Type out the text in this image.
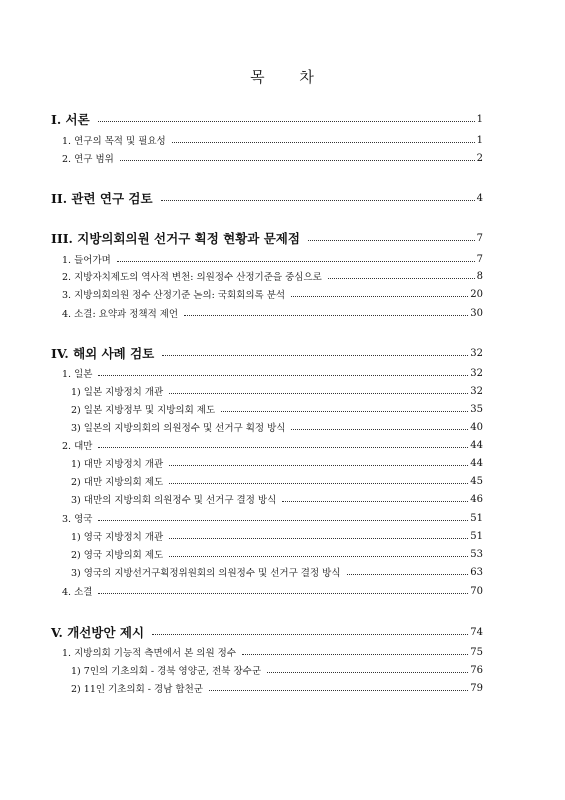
목 차
I. 서론	1
1. 연구의 목적 및 필요성	1
2. 연구 범위	2
II. 관련 연구 검토	4
III. 지방의회의원 선거구 획정 현황과 문제점	7
1. 들어가며	7
2. 지방자치제도의 역사적 변천: 의원정수 산정기준을 중심으로	8
3. 지방의회의원 정수 산정기준 논의: 국회회의록 분석	20
4. 소결: 요약과 정책적 제언	30
IV. 해외 사례 검토	32
1. 일본	32
1) 일본 지방정치 개관	32
2) 일본 지방정부 및 지방의회 제도	35
3) 일본의 지방의회의 의원정수 및 선거구 획정 방식	40
2. 대만	44
1) 대만 지방정치 개관	44
2) 대만 지방의회 제도	45
3) 대만의 지방의회 의원정수 및 선거구 결정 방식	46
3. 영국	51
1) 영국 지방정치 개관	51
2) 영국 지방의회 제도	53
3) 영국의 지방선거구획정위원회의 의원정수 및 선거구 결정 방식	63
4. 소결	70
V. 개선방안 제시	74
1. 지방의회 기능적 측면에서 본 의원 정수	75
1) 7인의 기초의회 - 경북 영양군, 전북 장수군	76
2) 11인 기초의회 - 경남 합천군	79
